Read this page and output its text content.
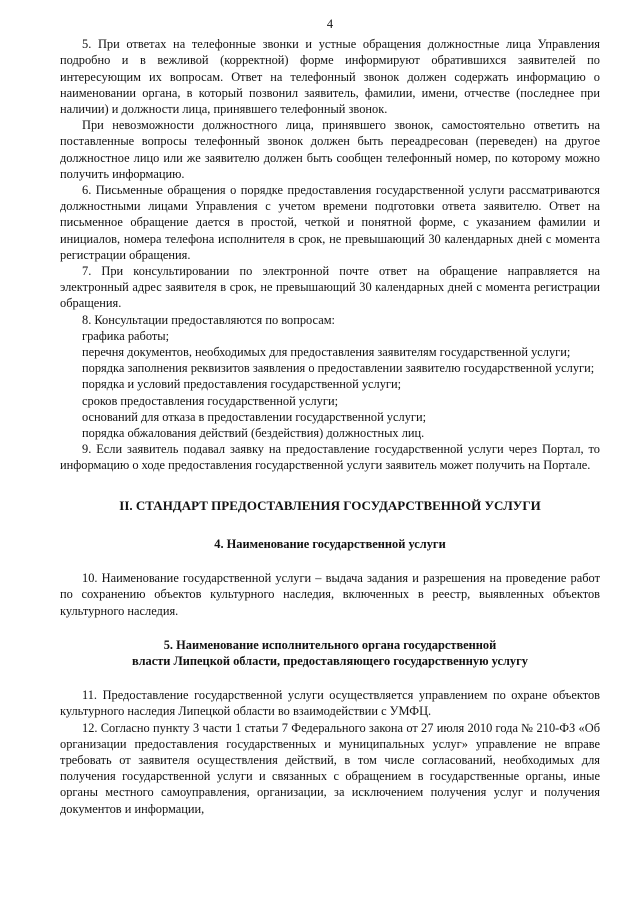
4

5. При ответах на телефонные звонки и устные обращения должностные лица Управления подробно и в вежливой (корректной) форме информируют обратившихся заявителей по интересующим их вопросам. Ответ на телефонный звонок должен содержать информацию о наименовании органа, в который позвонил заявитель, фамилии, имени, отчестве (последнее при наличии) и должности лица, принявшего телефонный звонок.

При невозможности должностного лица, принявшего звонок, самостоятельно ответить на поставленные вопросы телефонный звонок должен быть переадресован (переведен) на другое должностное лицо или же заявителю должен быть сообщен телефонный номер, по которому можно получить информацию.

6. Письменные обращения о порядке предоставления государственной услуги рассматриваются должностными лицами Управления с учетом времени подготовки ответа заявителю. Ответ на письменное обращение дается в простой, четкой и понятной форме, с указанием фамилии и инициалов, номера телефона исполнителя в срок, не превышающий 30 календарных дней с момента регистрации обращения.

7. При консультировании по электронной почте ответ на обращение направляется на электронный адрес заявителя в срок, не превышающий 30 календарных дней с момента регистрации обращения.

8. Консультации предоставляются по вопросам:

графика работы;

перечня документов, необходимых для предоставления заявителям государственной услуги;

порядка заполнения реквизитов заявления о предоставлении заявителю государственной услуги;

порядка и условий предоставления государственной услуги;

сроков предоставления государственной услуги;

оснований для отказа в предоставлении государственной услуги;

порядка обжалования действий (бездействия) должностных лиц.

9. Если заявитель подавал заявку на предоставление государственной услуги через Портал, то информацию о ходе предоставления государственной услуги заявитель может получить на Портале.

II. СТАНДАРТ ПРЕДОСТАВЛЕНИЯ ГОСУДАРСТВЕННОЙ УСЛУГИ
4. Наименование государственной услуги

10. Наименование государственной услуги – выдача задания и разрешения на проведение работ по сохранению объектов культурного наследия, включенных в реестр, выявленных объектов культурного наследия.

5. Наименование исполнительного органа государственной
власти Липецкой области, предоставляющего государственную услугу

11. Предоставление государственной услуги осуществляется управлением по охране объектов культурного наследия Липецкой области во взаимодействии с УМФЦ.

12. Согласно пункту 3 части 1 статьи 7 Федерального закона от 27 июля 2010 года № 210-ФЗ «Об организации предоставления государственных и муниципальных услуг» управление не вправе требовать от заявителя осуществления действий, в том числе согласований, необходимых для получения государственной услуги и связанных с обращением в государственные органы, иные органы местного самоуправления, организации, за исключением получения услуг и получения документов и информации,
